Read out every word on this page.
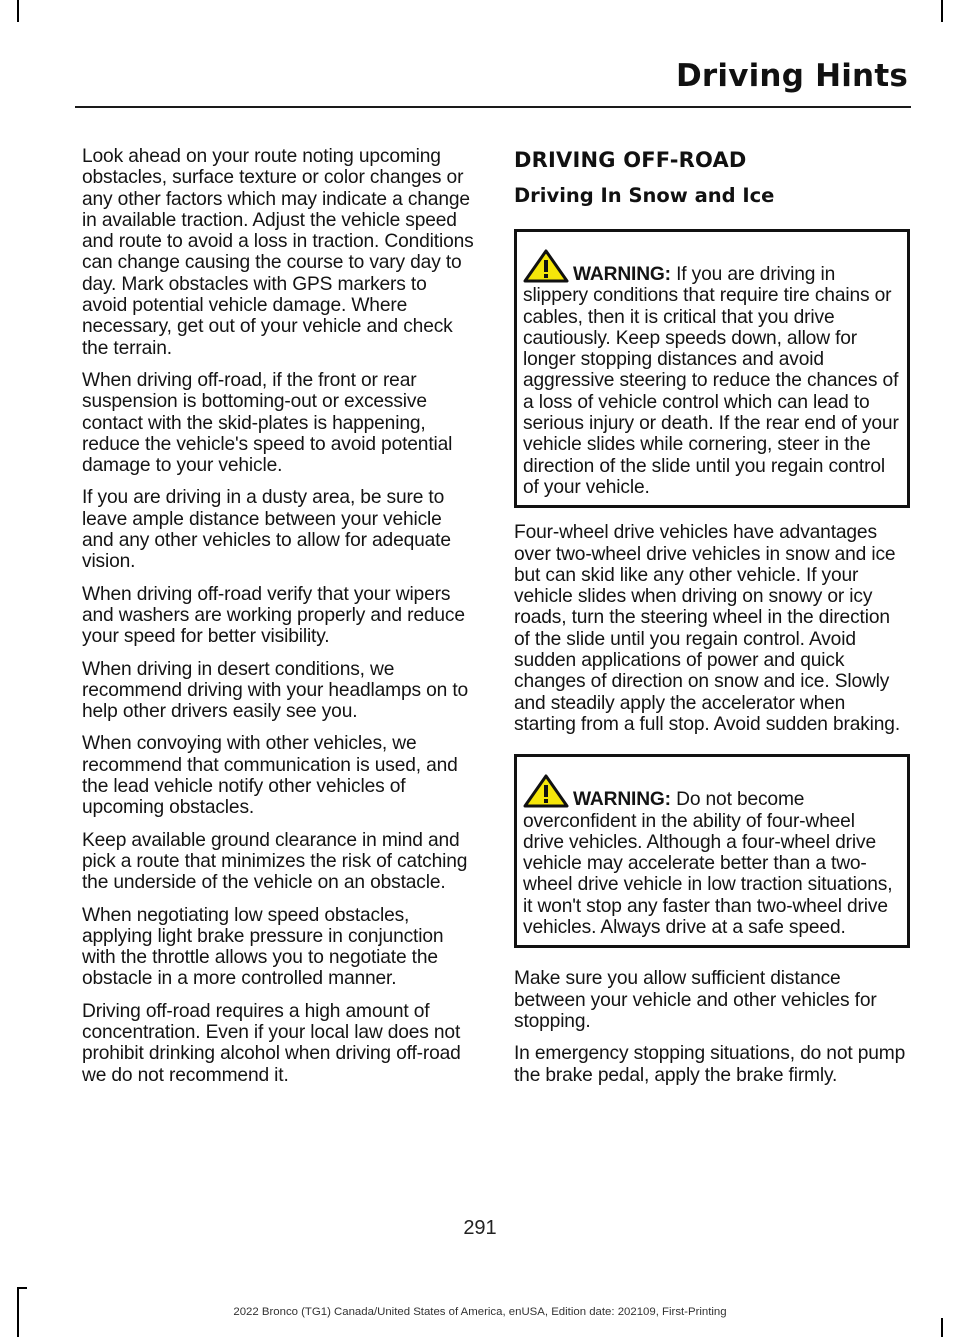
Driving Hints

Look ahead on your route noting upcoming obstacles, surface texture or color changes or any other factors which may indicate a change in available traction. Adjust the vehicle speed and route to avoid a loss in traction. Conditions can change causing the course to vary day to day. Mark obstacles with GPS markers to avoid potential vehicle damage. Where necessary, get out of your vehicle and check the terrain.

When driving off-road, if the front or rear suspension is bottoming-out or excessive contact with the skid-plates is happening, reduce the vehicle's speed to avoid potential damage to your vehicle.

If you are driving in a dusty area, be sure to leave ample distance between your vehicle and any other vehicles to allow for adequate vision.

When driving off-road verify that your wipers and washers are working properly and reduce your speed for better visibility.

When driving in desert conditions, we recommend driving with your headlamps on to help other drivers easily see you.

When convoying with other vehicles, we recommend that communication is used, and the lead vehicle notify other vehicles of upcoming obstacles.

Keep available ground clearance in mind and pick a route that minimizes the risk of catching the underside of the vehicle on an obstacle.

When negotiating low speed obstacles, applying light brake pressure in conjunction with the throttle allows you to negotiate the obstacle in a more controlled manner.

Driving off-road requires a high amount of concentration. Even if your local law does not prohibit drinking alcohol when driving off-road we do not recommend it.

DRIVING OFF-ROAD
Driving In Snow and Ice
WARNING: If you are driving in slippery conditions that require tire chains or cables, then it is critical that you drive cautiously. Keep speeds down, allow for longer stopping distances and avoid aggressive steering to reduce the chances of a loss of vehicle control which can lead to serious injury or death. If the rear end of your vehicle slides while cornering, steer in the direction of the slide until you regain control of your vehicle.

Four-wheel drive vehicles have advantages over two-wheel drive vehicles in snow and ice but can skid like any other vehicle. If your vehicle slides when driving on snowy or icy roads, turn the steering wheel in the direction of the slide until you regain control. Avoid sudden applications of power and quick changes of direction on snow and ice. Slowly and steadily apply the accelerator when starting from a full stop. Avoid sudden braking.

WARNING: Do not become overconfident in the ability of four-wheel drive vehicles. Although a four-wheel drive vehicle may accelerate better than a two-wheel drive vehicle in low traction situations, it won't stop any faster than two-wheel drive vehicles. Always drive at a safe speed.

Make sure you allow sufficient distance between your vehicle and other vehicles for stopping.

In emergency stopping situations, do not pump the brake pedal, apply the brake firmly.

291
2022 Bronco (TG1) Canada/United States of America, enUSA, Edition date: 202109, First-Printing
